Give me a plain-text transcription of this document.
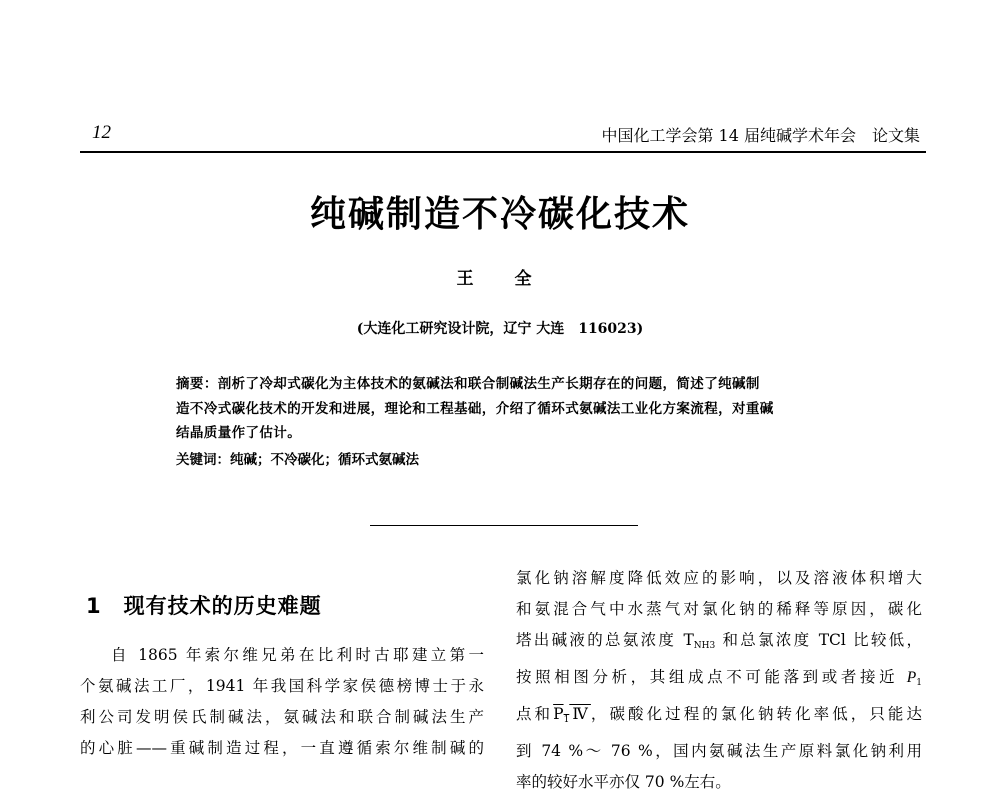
12	中国化工学会第 14 届纯碱学术年会　论文集
纯碱制造不冷碳化技术
王　全
(大连化工研究设计院，辽宁 大连　116023)
摘要：剖析了冷却式碳化为主体技术的氨碱法和联合制碱法生产长期存在的问题，简述了纯碱制
造不冷式碳化技术的开发和进展，理论和工程基础，介绍了循环式氨碱法工业化方案流程，对重碱
结晶质量作了估计。
关键词：纯碱；不冷碳化；循环式氨碱法
1 现有技术的历史难题
自 1865 年索尔维兄弟在比利时古耶建立第一
个氨碱法工厂，1941 年我国科学家侯德榜博士于永
利公司发明侯氏制碱法，氨碱法和联合制碱法生产
的心脏——重碱制造过程，一直遵循索尔维制碱的
氯化钠溶解度降低效应的影响，以及溶液体积增大
和氨混合气中水蒸气对氯化钠的稀释等原因，碳化
塔出碱液的总氨浓度 $T_{NH3}$ 和总氯浓度 TCl 比较低，
按照相图分析，其组成点不可能落到或者接近 $P_1$
点和$P_1Ⅳ$，碳酸化过程的氯化钠转化率低，只能达
到 74 %～ 76 %，国内氨碱法生产原料氯化钠利用
率的较好水平亦仅 70 %左右。
